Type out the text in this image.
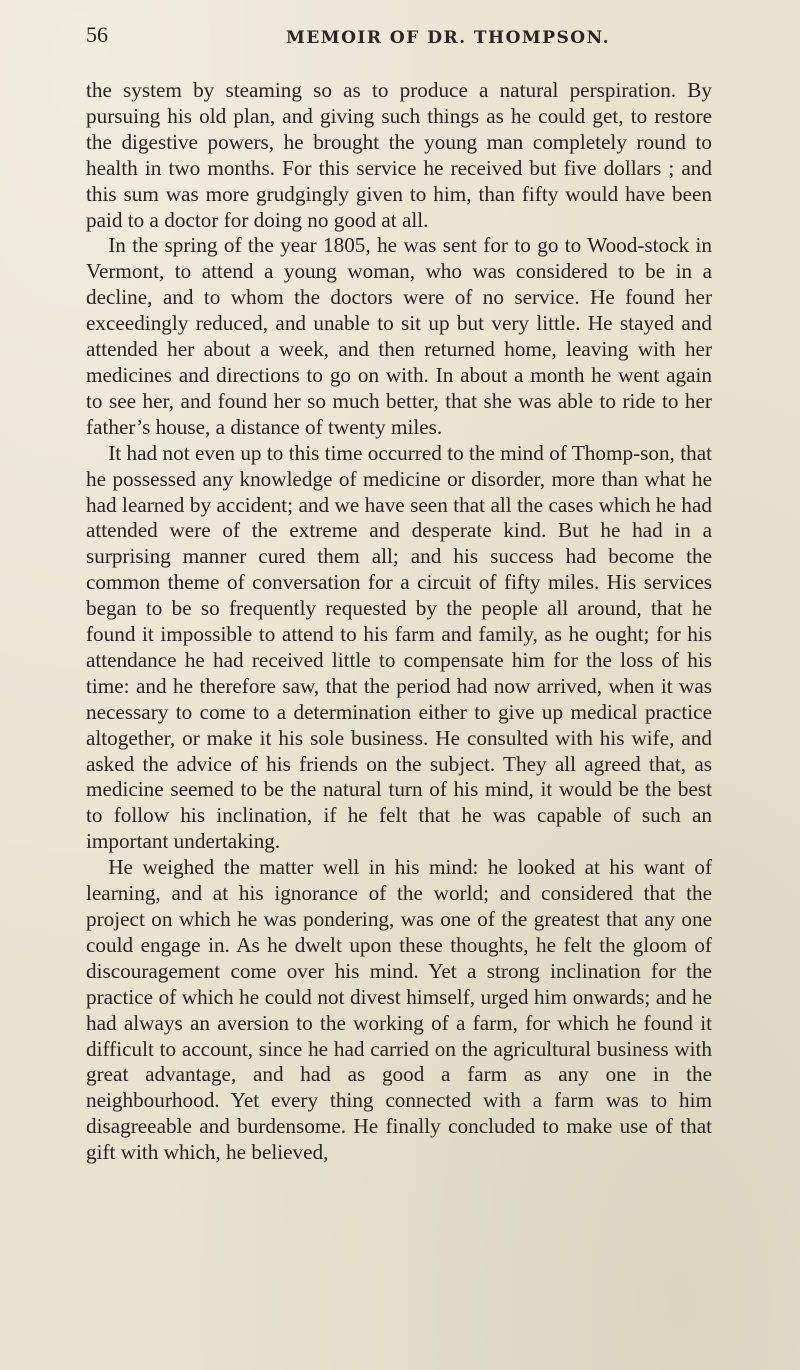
56	MEMOIR OF DR. THOMPSON.

the system by steaming so as to produce a natural perspiration. By pursuing his old plan, and giving such things as he could get, to restore the digestive powers, he brought the young man completely round to health in two months. For this service he received but five dollars ; and this sum was more grudgingly given to him, than fifty would have been paid to a doctor for doing no good at all.

In the spring of the year 1805, he was sent for to go to Wood-stock in Vermont, to attend a young woman, who was considered to be in a decline, and to whom the doctors were of no service. He found her exceedingly reduced, and unable to sit up but very little. He stayed and attended her about a week, and then returned home, leaving with her medicines and directions to go on with. In about a month he went again to see her, and found her so much better, that she was able to ride to her father’s house, a distance of twenty miles.

It had not even up to this time occurred to the mind of Thomp-son, that he possessed any knowledge of medicine or disorder, more than what he had learned by accident; and we have seen that all the cases which he had attended were of the extreme and desperate kind. But he had in a surprising manner cured them all; and his success had become the common theme of conversation for a circuit of fifty miles. His services began to be so frequently requested by the people all around, that he found it impossible to attend to his farm and family, as he ought; for his attendance he had received little to compensate him for the loss of his time: and he therefore saw, that the period had now arrived, when it was necessary to come to a determination either to give up medical practice altogether, or make it his sole business. He consulted with his wife, and asked the advice of his friends on the subject. They all agreed that, as medicine seemed to be the natural turn of his mind, it would be the best to follow his inclination, if he felt that he was capable of such an important undertaking.

He weighed the matter well in his mind: he looked at his want of learning, and at his ignorance of the world; and considered that the project on which he was pondering, was one of the greatest that any one could engage in. As he dwelt upon these thoughts, he felt the gloom of discouragement come over his mind. Yet a strong inclination for the practice of which he could not divest himself, urged him onwards; and he had always an aversion to the working of a farm, for which he found it difficult to account, since he had carried on the agricultural business with great advantage, and had as good a farm as any one in the neighbourhood. Yet every thing connected with a farm was to him disagreeable and burdensome. He finally concluded to make use of that gift with which, he believed,
